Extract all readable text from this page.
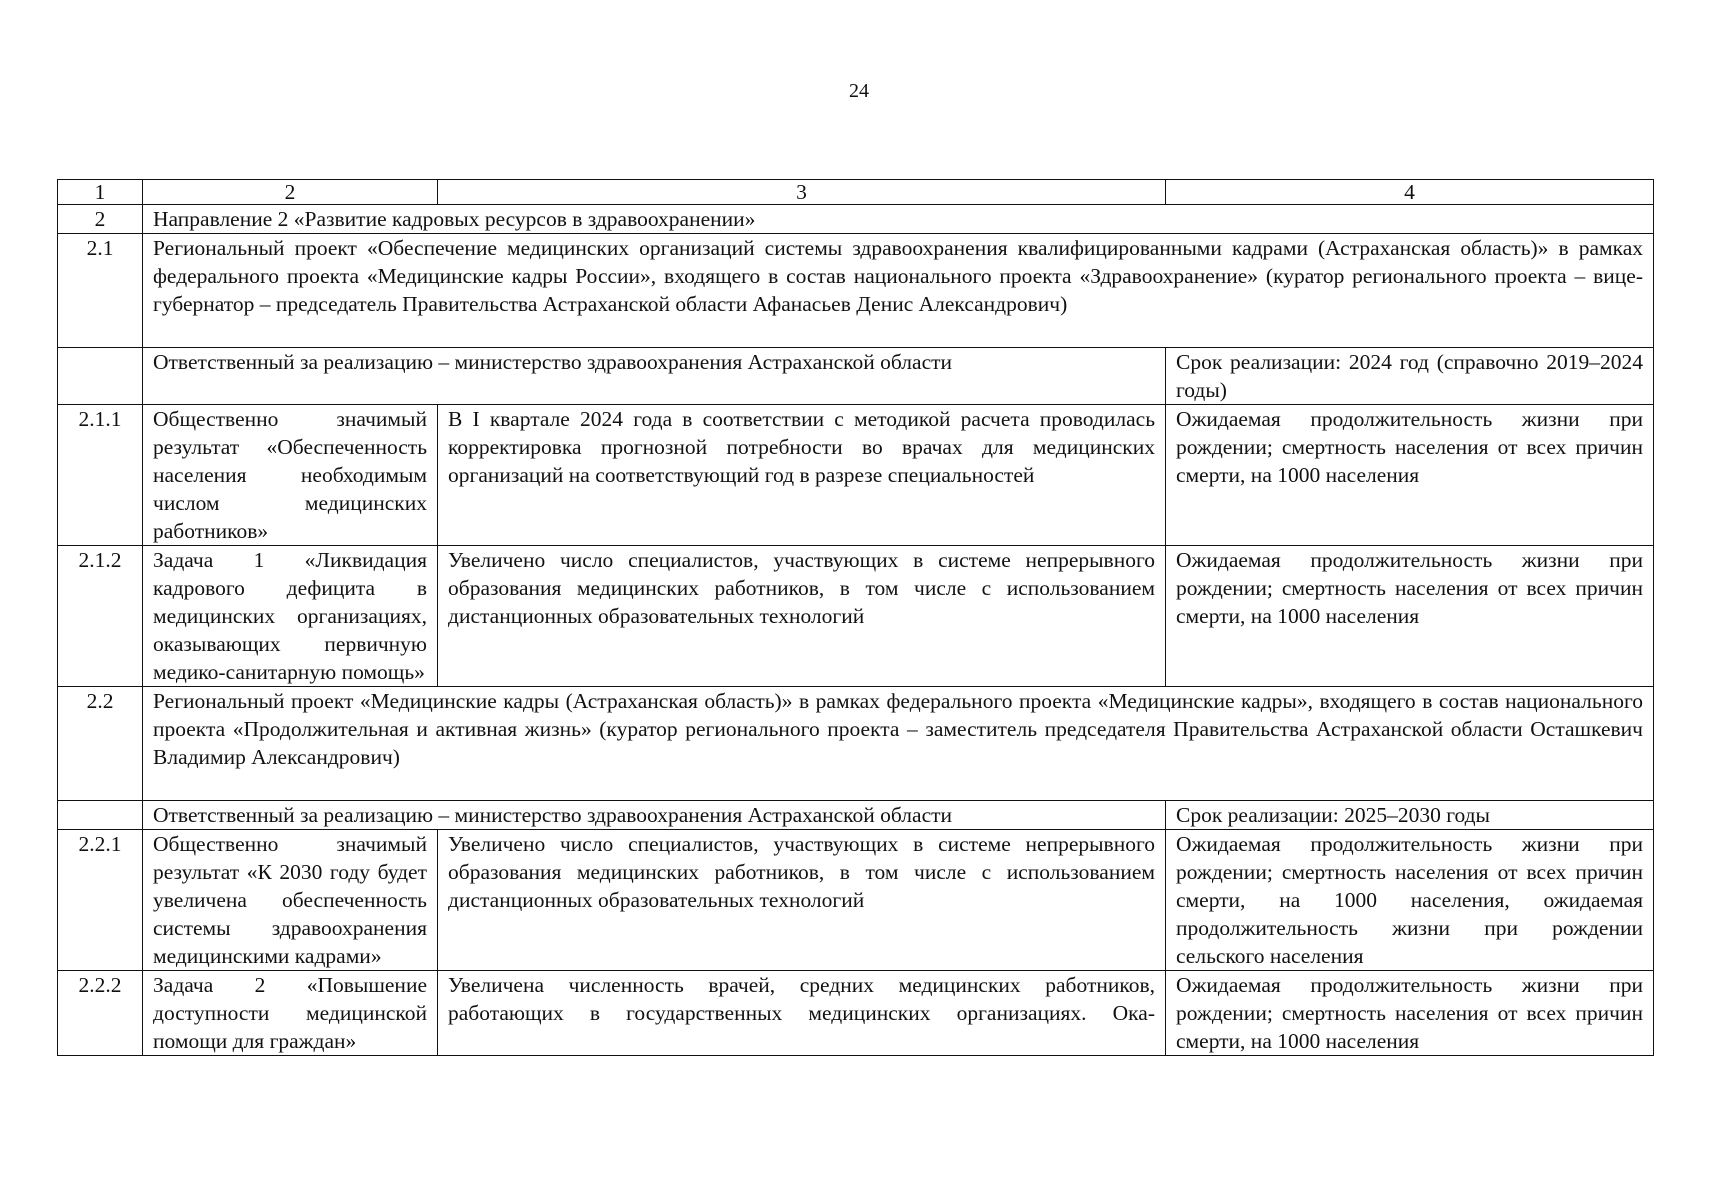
24
1	2	3	4
2	Направление 2 «Развитие кадровых ресурсов в здравоохранении»		
2.1	Региональный проект «Обеспечение медицинских организаций системы здравоохранения квалифицированными кадрами (Астраханская область)» в рамках федерального проекта «Медицинские кадры России», входящего в состав национального проекта «Здравоохранение» (куратор регионального проекта – вице-губернатор – председатель Правительства Астраханской области Афанасьев Денис Александрович)		
	Ответственный за реализацию – министерство здравоохранения Астраханской области		Срок реализации: 2024 год (справочно 2019–2024 годы)
2.1.1	Общественно значимый результат «Обеспеченность населения необходимым числом медицинских работников»	В I квартале 2024 года в соответствии с методикой расчета проводилась корректировка прогнозной потребности во врачах для медицинских организаций на соответствующий год в разрезе специальностей	Ожидаемая продолжительность жизни при рождении; смертность населения от всех причин смерти, на 1000 населения
2.1.2	Задача 1 «Ликвидация кадрового дефицита в медицинских организациях, оказывающих первичную медико-санитарную помощь»	Увеличено число специалистов, участвующих в системе непрерывного образования медицинских работников, в том числе с использованием дистанционных образовательных технологий	Ожидаемая продолжительность жизни при рождении; смертность населения от всех причин смерти, на 1000 населения
2.2	Региональный проект «Медицинские кадры (Астраханская область)» в рамках федерального проекта «Медицинские кадры», входящего в состав национального проекта «Продолжительная и активная жизнь» (куратор регионального проекта – заместитель председателя Правительства Астраханской области Осташкевич Владимир Александрович)		
	Ответственный за реализацию – министерство здравоохранения Астраханской области		Срок реализации: 2025–2030 годы
2.2.1	Общественно значимый результат «К 2030 году будет увеличена обеспеченность системы здравоохранения медицинскими кадрами»	Увеличено число специалистов, участвующих в системе непрерывного образования медицинских работников, в том числе с использованием дистанционных образовательных технологий	Ожидаемая продолжительность жизни при рождении; смертность населения от всех причин смерти, на 1000 населения, ожидаемая продолжительность жизни при рождении сельского населения
2.2.2	Задача 2 «Повышение доступности медицинской помощи для граждан»	Увеличена численность врачей, средних медицинских работников, работающих в государственных медицинских организациях. Ока-	Ожидаемая продолжительность жизни при рождении; смертность населения от всех причин смерти, на 1000 населения
